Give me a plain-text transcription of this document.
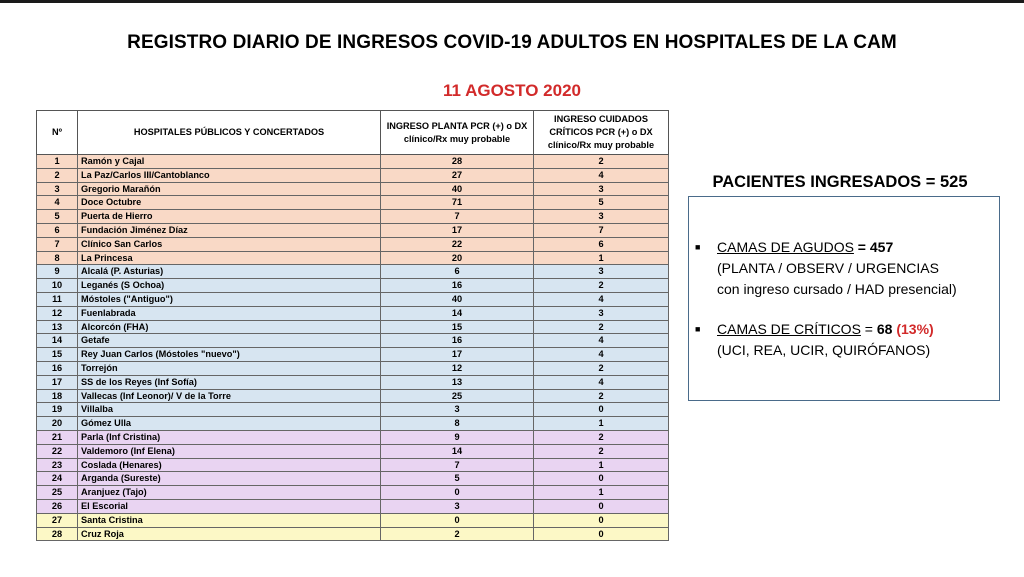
REGISTRO DIARIO DE INGRESOS COVID-19 ADULTOS EN HOSPITALES DE LA CAM
11 AGOSTO 2020
Nº	HOSPITALES PÚBLICOS Y CONCERTADOS	INGRESO PLANTA PCR (+) o DX clínico/Rx muy probable	INGRESO CUIDADOS CRÍTICOS PCR (+) o DX clínico/Rx muy probable
1	Ramón y Cajal	28	2
2	La Paz/Carlos III/Cantoblanco	27	4
3	Gregorio Marañón	40	3
4	Doce Octubre	71	5
5	Puerta de Hierro	7	3
6	Fundación Jiménez Díaz	17	7
7	Clínico San Carlos	22	6
8	La Princesa	20	1
9	Alcalá (P. Asturias)	6	3
10	Leganés (S Ochoa)	16	2
11	Móstoles ("Antiguo")	40	4
12	Fuenlabrada	14	3
13	Alcorcón (FHA)	15	2
14	Getafe	16	4
15	Rey Juan Carlos (Móstoles "nuevo")	17	4
16	Torrejón	12	2
17	SS de los Reyes (Inf Sofía)	13	4
18	Vallecas (Inf Leonor)/ V de la Torre	25	2
19	Villalba	3	0
20	Gómez Ulla	8	1
21	Parla (Inf Cristina)	9	2
22	Valdemoro (Inf Elena)	14	2
23	Coslada (Henares)	7	1
24	Arganda (Sureste)	5	0
25	Aranjuez (Tajo)	0	1
26	El Escorial	3	0
27	Santa Cristina	0	0
28	Cruz Roja	2	0
PACIENTES INGRESADOS = 525
■ CAMAS DE AGUDOS = 457
(PLANTA / OBSERV / URGENCIAS
con ingreso cursado / HAD presencial)
■ CAMAS DE CRÍTICOS = 68 (13%)
(UCI, REA, UCIR, QUIRÓFANOS)
